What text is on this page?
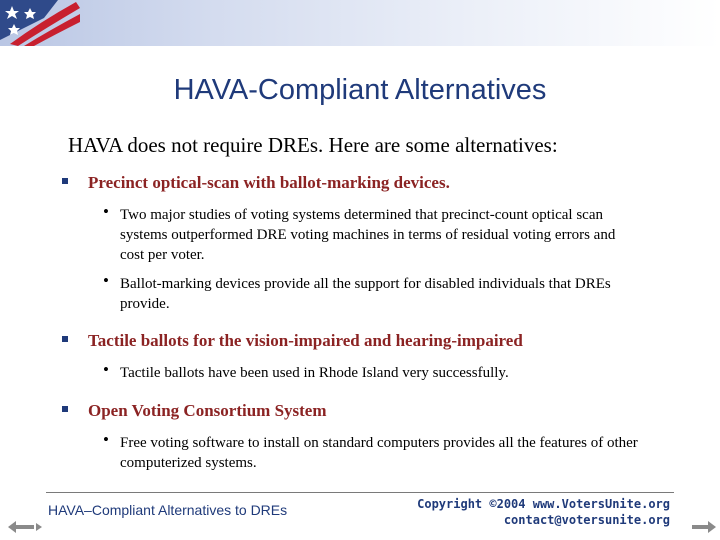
HAVA-Compliant Alternatives
HAVA does not require DREs. Here are some alternatives:
Precinct optical-scan with ballot-marking devices.
• Two major studies of voting systems determined that precinct-count optical scan systems outperformed DRE voting machines in terms of residual voting errors and cost per voter.
• Ballot-marking devices provide all the support for disabled individuals that DREs provide.
Tactile ballots for the vision-impaired and hearing-impaired
• Tactile ballots have been used in Rhode Island very successfully.
Open Voting Consortium System
• Free voting software to install on standard computers provides all the features of other computerized systems.
HAVA–Compliant Alternatives to DREs	Copyright ©2004 www.VotersUnite.org
contact@votersunite.org
